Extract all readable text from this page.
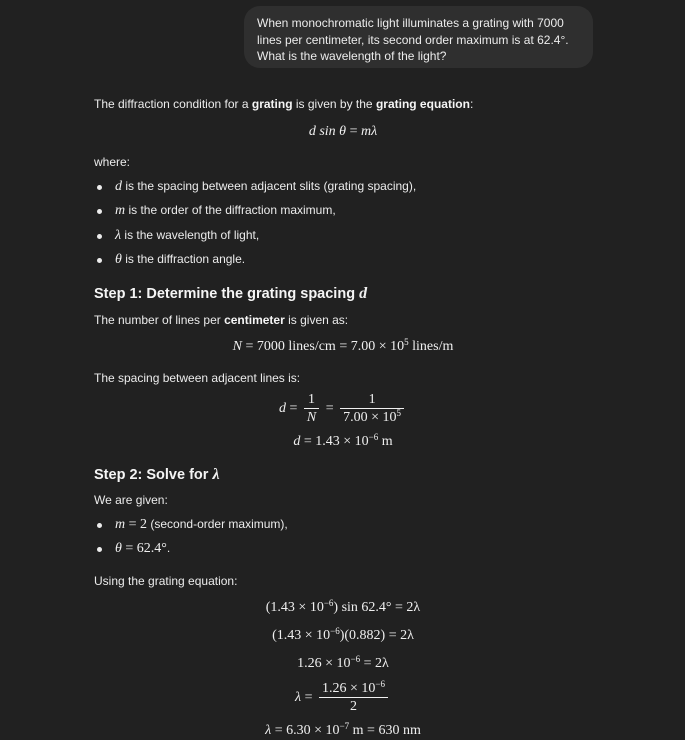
When monochromatic light illuminates a grating with 7000 lines per centimeter, its second order maximum is at 62.4°. What is the wavelength of the light?
The diffraction condition for a grating is given by the grating equation:
d sin θ = mλ
where:
d is the spacing between adjacent slits (grating spacing),
m is the order of the diffraction maximum,
λ is the wavelength of light,
θ is the diffraction angle.
Step 1: Determine the grating spacing d
The number of lines per centimeter is given as:
N = 7000 lines/cm = $7.00 \times 10^5$ lines/m
The spacing between adjacent lines is:
$d = \frac{1}{N} = \frac{1}{7.00 \times 10^5}$
$d = 1.43 \times 10^{-6}$ m
Step 2: Solve for λ
We are given:
m = 2 (second-order maximum),
θ = 62.4°.
Using the grating equation:
$(1.43 \times 10^{-6})$ sin 62.4° = 2λ
$(1.43 \times 10^{-6})(0.882) = 2\lambda$
$1.26 \times 10^{-6} = 2\lambda$
$\lambda = \frac{1.26 \times 10^{-6}}{2}$
$\lambda = 6.30 \times 10^{-7}$ m = 630 nm
